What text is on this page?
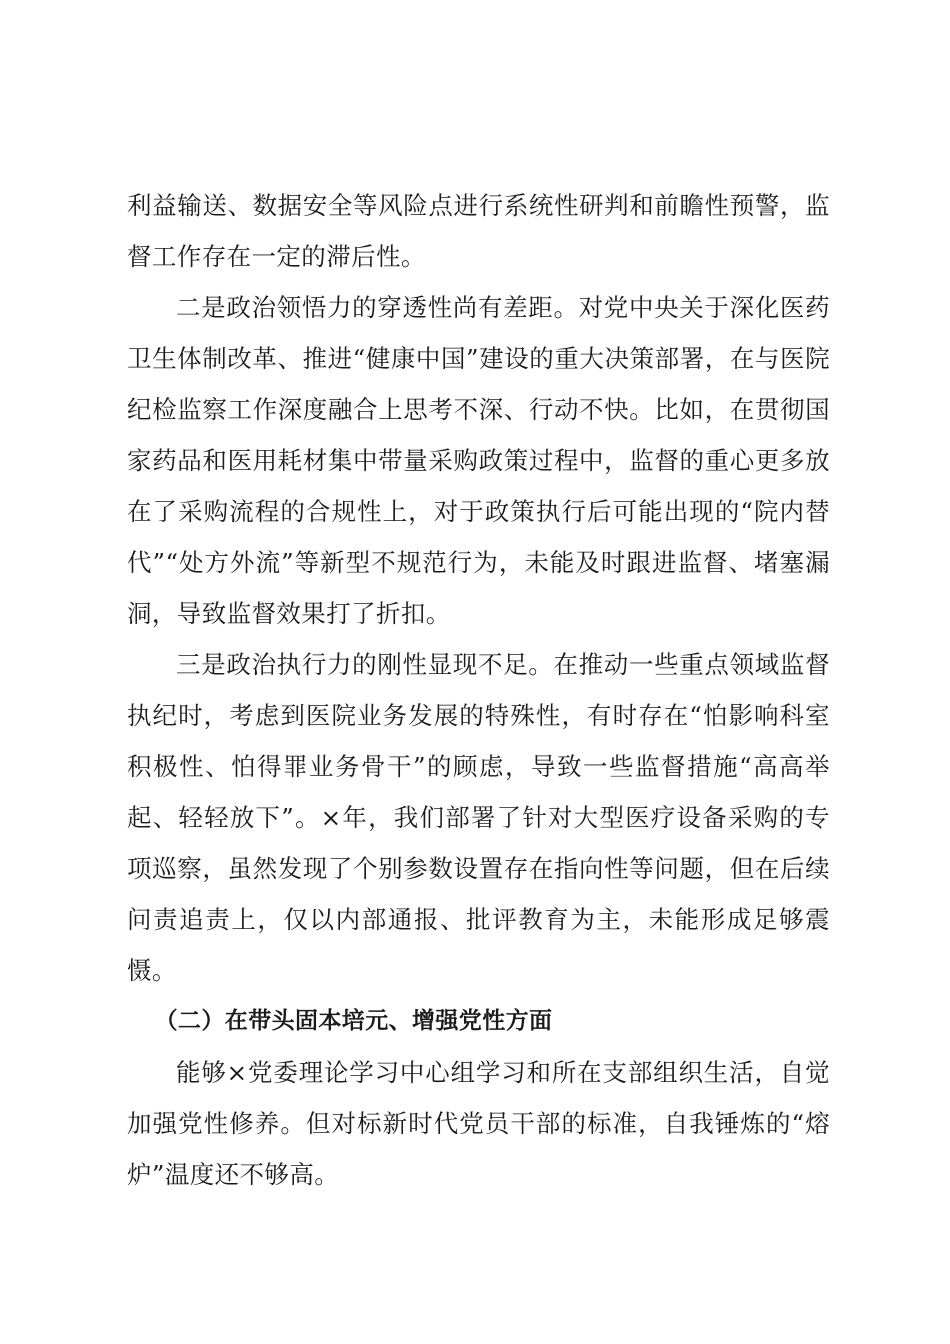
利益输送、数据安全等风险点进行系统性研判和前瞻性预警，监督工作存在一定的滞后性。

二是政治领悟力的穿透性尚有差距。对党中央关于深化医药卫生体制改革、推进“健康中国”建设的重大决策部署，在与医院纪检监察工作深度融合上思考不深、行动不快。比如，在贯彻国家药品和医用耗材集中带量采购政策过程中，监督的重心更多放在了采购流程的合规性上，对于政策执行后可能出现的“院内替代”“处方外流”等新型不规范行为，未能及时跟进监督、堵塞漏洞，导致监督效果打了折扣。

三是政治执行力的刚性显现不足。在推动一些重点领域监督执纪时，考虑到医院业务发展的特殊性，有时存在“怕影响科室积极性、怕得罪业务骨干”的顾虑，导致一些监督措施“高高举起、轻轻放下”。×年，我们部署了针对大型医疗设备采购的专项巡察，虽然发现了个别参数设置存在指向性等问题，但在后续问责追责上，仅以内部通报、批评教育为主，未能形成足够震慑。

（二）在带头固本培元、增强党性方面

能够×党委理论学习中心组学习和所在支部组织生活，自觉加强党性修养。但对标新时代党员干部的标准，自我锤炼的“熔炉”温度还不够高。
